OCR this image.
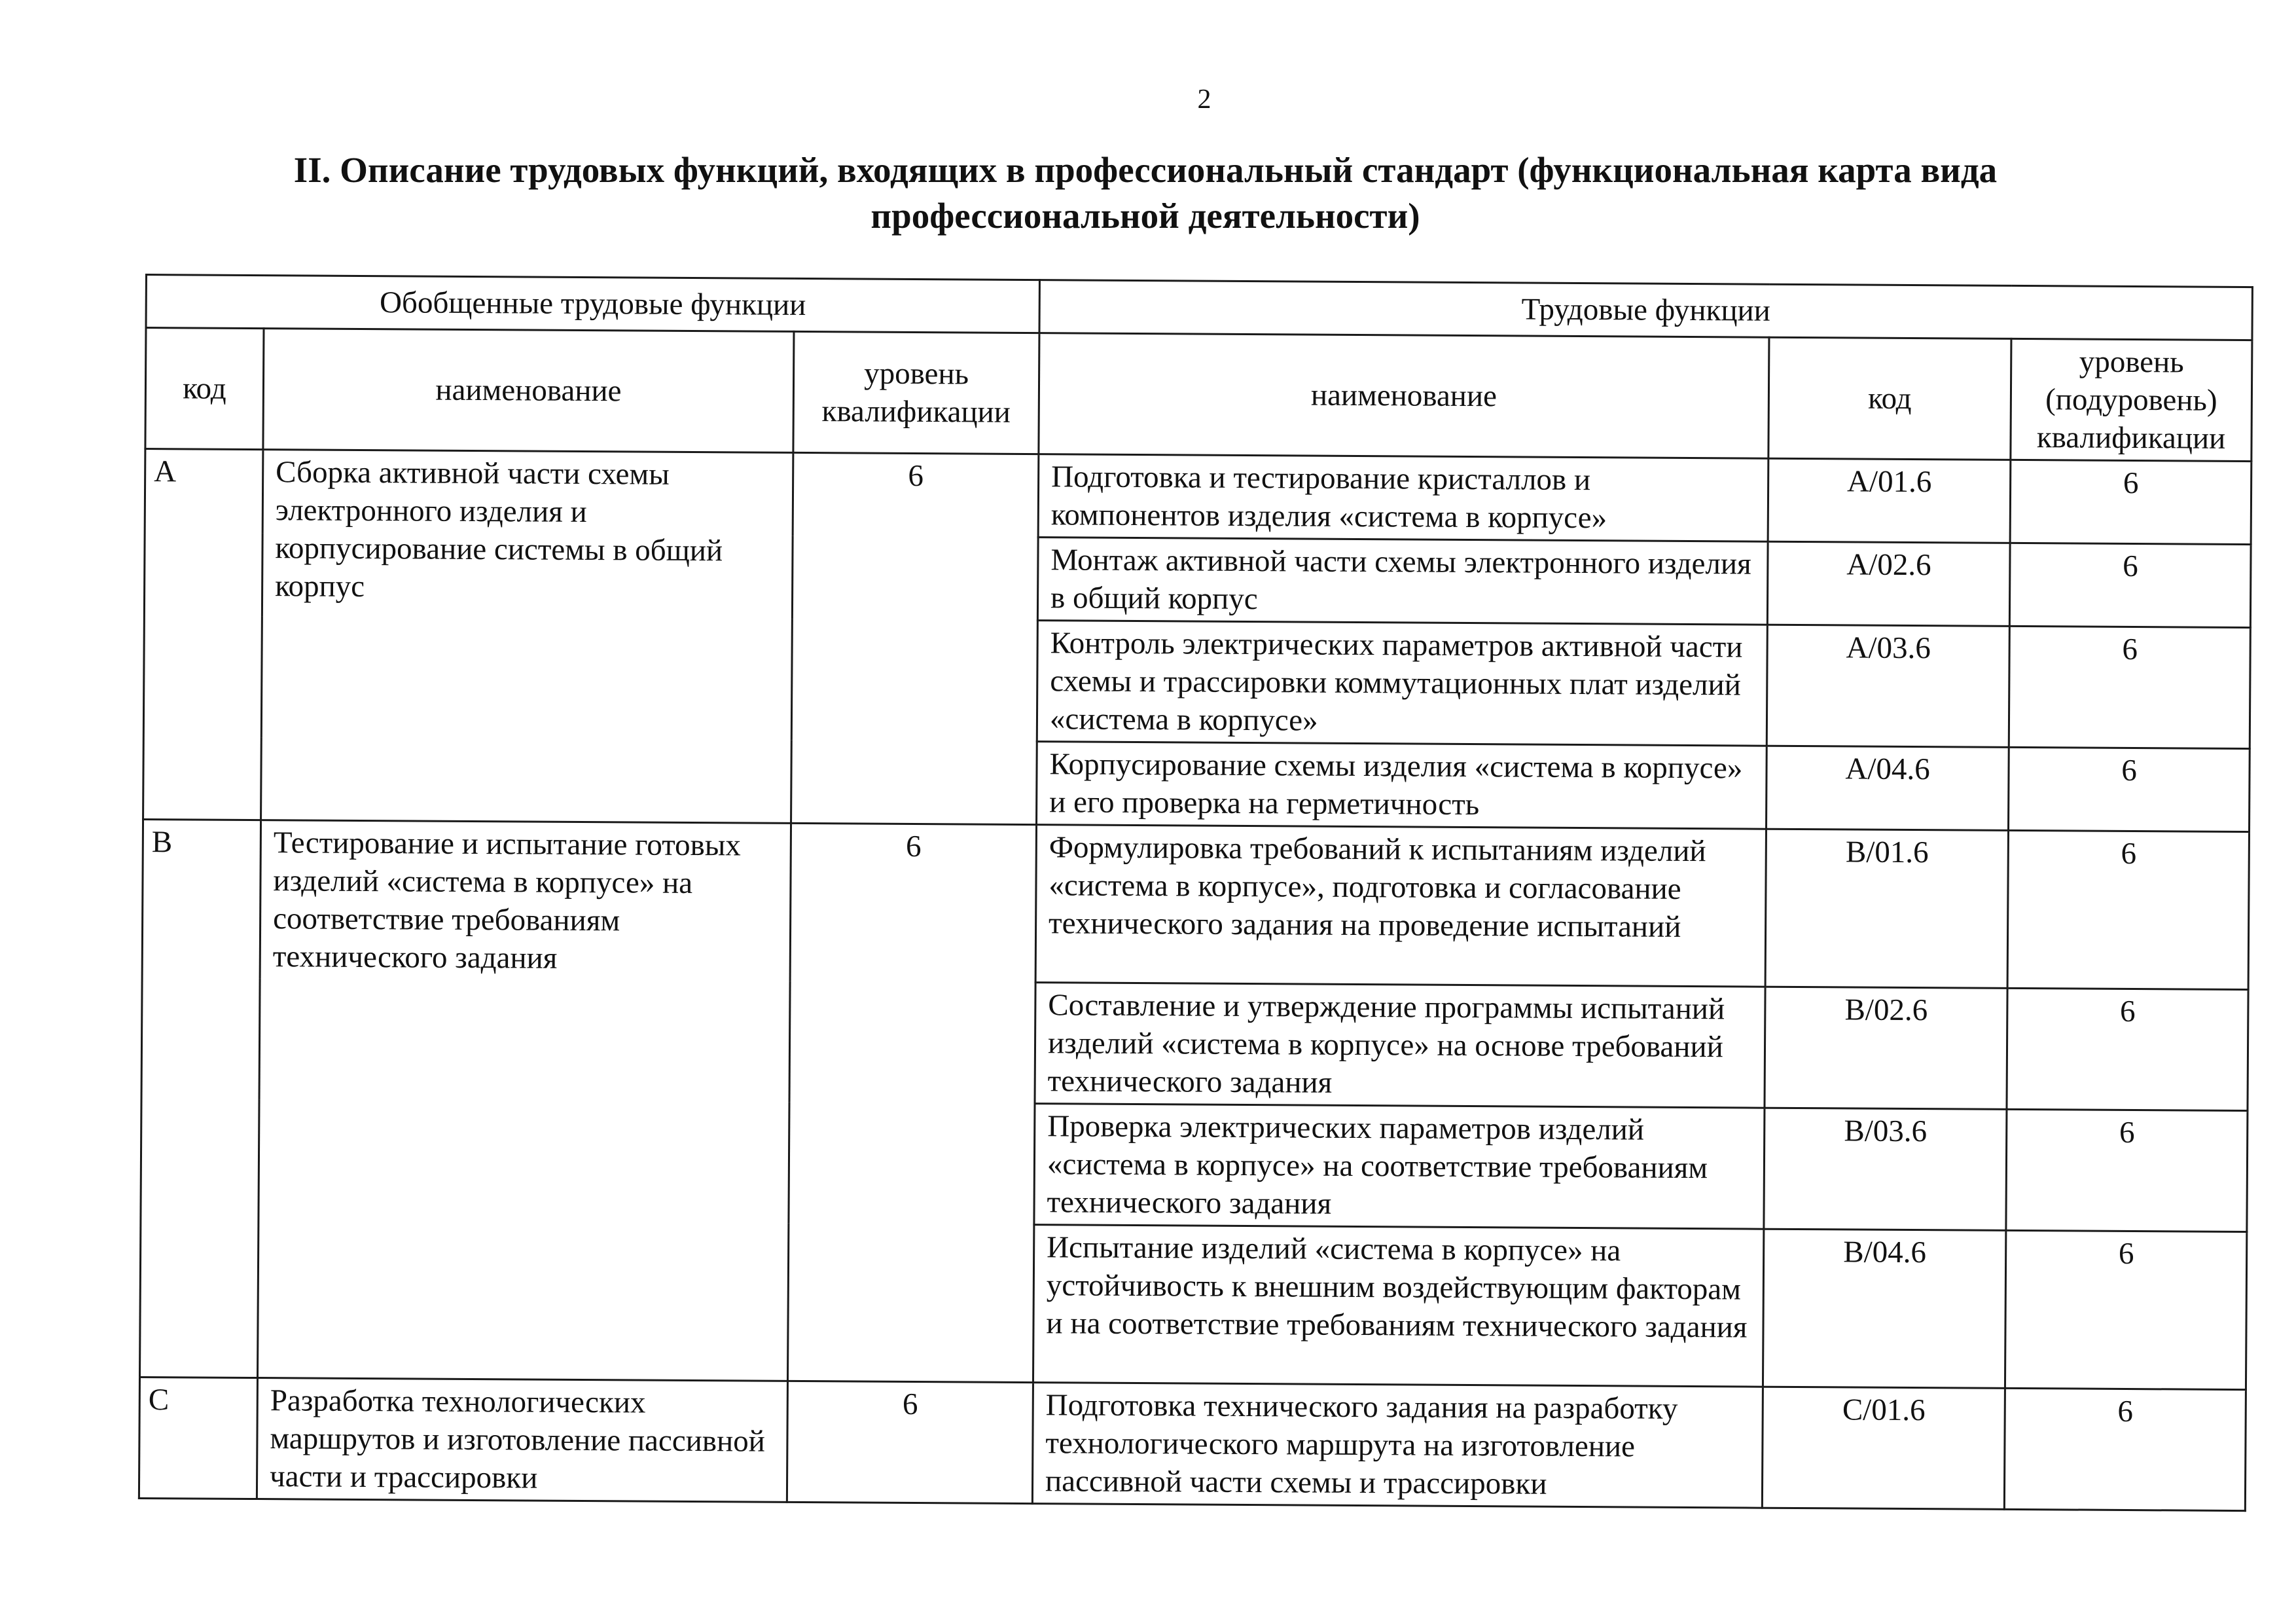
2
II. Описание трудовых функций, входящих в профессиональный стандарт (функциональная карта вида профессиональной деятельности)
Обобщенные трудовые функции			Трудовые функции		
код	наименование	уровень квалификации	наименование	код	уровень (подуровень) квалификации
A	Сборка активной части схемы электронного изделия и корпусирование системы в общий корпус	6	Подготовка и тестирование кристаллов и компонентов изделия «система в корпусе»	A/01.6	6
			Монтаж активной части схемы электронного изделия в общий корпус	A/02.6	6
			Контроль электрических параметров активной части схемы и трассировки коммутационных плат изделий «система в корпусе»	A/03.6	6
			Корпусирование схемы изделия «система в корпусе» и его проверка на герметичность	A/04.6	6
B	Тестирование и испытание готовых изделий «система в корпусе» на соответствие требованиям технического задания	6	Формулировка требований к испытаниям изделий «система в корпусе», подготовка и согласование технического задания на проведение испытаний	B/01.6	6
			Составление и утверждение программы испытаний изделий «система в корпусе» на основе требований технического задания	B/02.6	6
			Проверка электрических параметров изделий «система в корпусе» на соответствие требованиям технического задания	B/03.6	6
			Испытание изделий «система в корпусе» на устойчивость к внешним воздействующим факторам и на соответствие требованиям технического задания	B/04.6	6
C	Разработка технологических маршрутов и изготовление пассивной части и трассировки	6	Подготовка технического задания на разработку технологического маршрута на изготовление пассивной части схемы и трассировки	C/01.6	6
